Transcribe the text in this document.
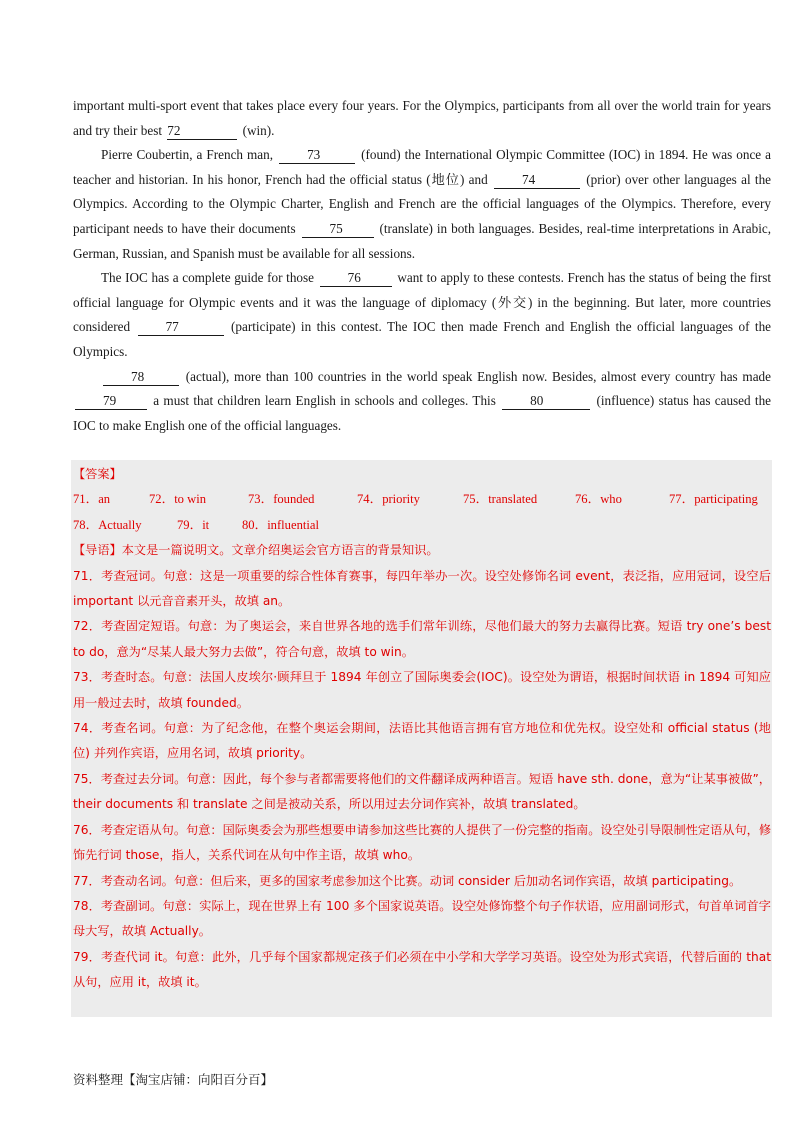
important multi-sport event that takes place every four years. For the Olympics, participants from all over the world train for years and try their best 72	(win).

Pierre Coubertin, a French man,	73	(found) the International Olympic Committee (IOC) in 1894. He was once a teacher and historian. In his honor, French had the official status (地位) and	74	(prior) over other languages al the Olympics. According to the Olympic Charter, English and French are the official languages of the Olympics. Therefore, every participant needs to have their documents	75	(translate) in both languages. Besides, real-time interpretations in Arabic, German, Russian, and Spanish must be available for all sessions.

The IOC has a complete guide for those	76	want to apply to these contests. French has the status of being the first official language for Olympic events and it was the language of diplomacy (外交) in the beginning. But later, more countries considered	77	(participate) in this contest. The IOC then made French and English the official languages of the Olympics.

78	(actual), more than 100 countries in the world speak English now. Besides, almost every country has made 79	a must that children learn English in schools and colleges. This	80	(influence) status has caused the IOC to make English one of the official languages.

【答案】
71．an	72．to win	73．founded	74．priority	75．translated	76．who	77．participating
78．Actually	79．it	80．influential
【导语】本文是一篇说明文。文章介绍奥运会官方语言的背景知识。
71．考查冠词。句意：这是一项重要的综合性体育赛事，每四年举办一次。设空处修饰名词 event，表泛指，应用冠词，设空后 important 以元音音素开头，故填 an。
72．考查固定短语。句意：为了奥运会，来自世界各地的选手们常年训练，尽他们最大的努力去赢得比赛。短语 try one’s best to do，意为“尽某人最大努力去做”，符合句意，故填 to win。
73．考查时态。句意：法国人皮埃尔·顾拜旦于 1894 年创立了国际奥委会(IOC)。设空处为谓语，根据时间状语 in 1894 可知应用一般过去时，故填 founded。
74．考查名词。句意：为了纪念他，在整个奥运会期间，法语比其他语言拥有官方地位和优先权。设空处和 official status (地位) 并列作宾语，应用名词，故填 priority。
75．考查过去分词。句意：因此，每个参与者都需要将他们的文件翻译成两种语言。短语 have sth. done，意为“让某事被做”， their documents 和 translate 之间是被动关系，所以用过去分词作宾补，故填 translated。
76．考查定语从句。句意：国际奥委会为那些想要申请参加这些比赛的人提供了一份完整的指南。设空处引导限制性定语从句，修饰先行词 those，指人，关系代词在从句中作主语，故填 who。
77．考查动名词。句意：但后来，更多的国家考虑参加这个比赛。动词 consider 后加动名词作宾语，故填 participating。
78．考查副词。句意：实际上，现在世界上有 100 多个国家说英语。设空处修饰整个句子作状语，应用副词形式，句首单词首字母大写，故填 Actually。
79．考查代词 it。句意：此外，几乎每个国家都规定孩子们必须在中小学和大学学习英语。设空处为形式宾语，代替后面的 that 从句，应用 it，故填 it。
资料整理【淘宝店铺：向阳百分百】
